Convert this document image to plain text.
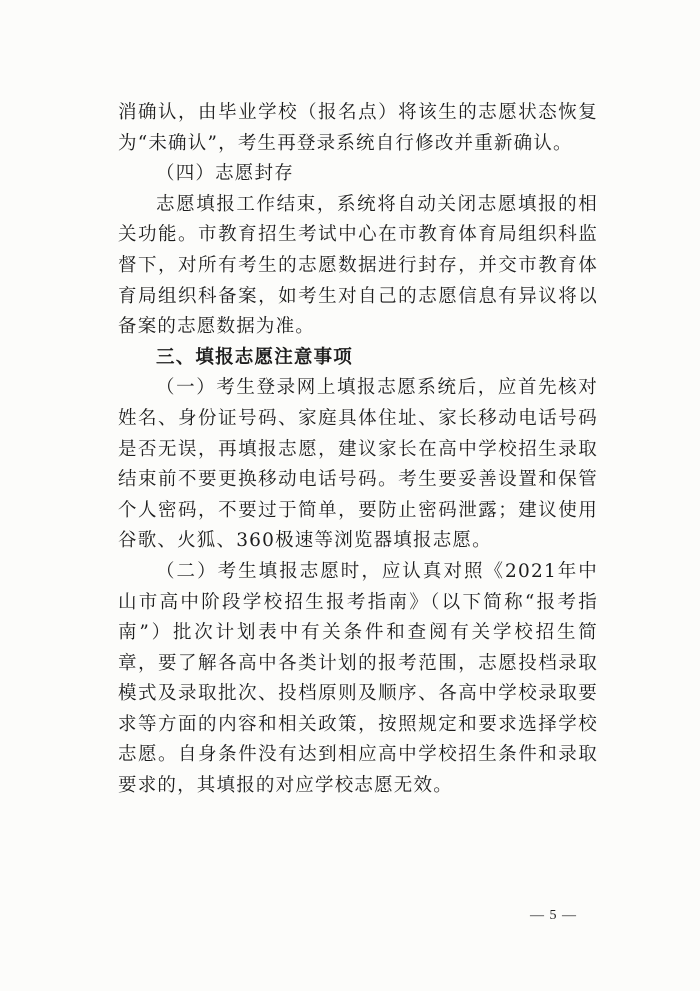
消确认，由毕业学校（报名点）将该生的志愿状态恢复为“未确认”，考生再登录系统自行修改并重新确认。

（四）志愿封存

志愿填报工作结束，系统将自动关闭志愿填报的相关功能。市教育招生考试中心在市教育体育局组织科监督下，对所有考生的志愿数据进行封存，并交市教育体育局组织科备案，如考生对自己的志愿信息有异议将以备案的志愿数据为准。

三、填报志愿注意事项

（一）考生登录网上填报志愿系统后，应首先核对姓名、身份证号码、家庭具体住址、家长移动电话号码是否无误，再填报志愿，建议家长在高中学校招生录取结束前不要更换移动电话号码。考生要妥善设置和保管个人密码，不要过于简单，要防止密码泄露；建议使用谷歌、火狐、360极速等浏览器填报志愿。

（二）考生填报志愿时，应认真对照《2021年中山市高中阶段学校招生报考指南》（以下简称“报考指南”）批次计划表中有关条件和查阅有关学校招生简章，要了解各高中各类计划的报考范围，志愿投档录取模式及录取批次、投档原则及顺序、各高中学校录取要求等方面的内容和相关政策，按照规定和要求选择学校志愿。自身条件没有达到相应高中学校招生条件和录取要求的，其填报的对应学校志愿无效。

— 5 —
